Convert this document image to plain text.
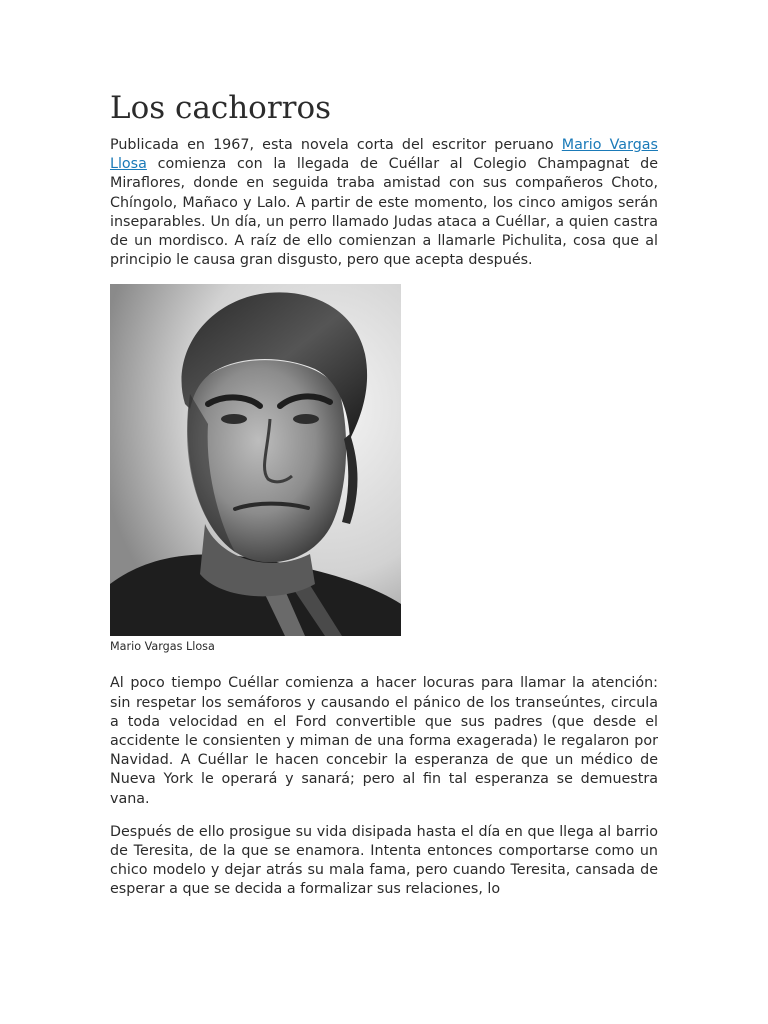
Los cachorros

Publicada en 1967, esta novela corta del escritor peruano Mario Vargas Llosa comienza con la llegada de Cuéllar al Colegio Champagnat de Miraflores, donde en seguida traba amistad con sus compañeros Choto, Chíngolo, Mañaco y Lalo. A partir de este momento, los cinco amigos serán inseparables. Un día, un perro llamado Judas ataca a Cuéllar, a quien castra de un mordisco. A raíz de ello comienzan a llamarle Pichulita, cosa que al principio le causa gran disgusto, pero que acepta después.

Mario Vargas Llosa

Al poco tiempo Cuéllar comienza a hacer locuras para llamar la atención: sin respetar los semáforos y causando el pánico de los transeúntes, circula a toda velocidad en el Ford convertible que sus padres (que desde el accidente le consienten y miman de una forma exagerada) le regalaron por Navidad. A Cuéllar le hacen concebir la esperanza de que un médico de Nueva York le operará y sanará; pero al fin tal esperanza se demuestra vana.

Después de ello prosigue su vida disipada hasta el día en que llega al barrio de Teresita, de la que se enamora. Intenta entonces comportarse como un chico modelo y dejar atrás su mala fama, pero cuando Teresita, cansada de esperar a que se decida a formalizar sus relaciones, lo
